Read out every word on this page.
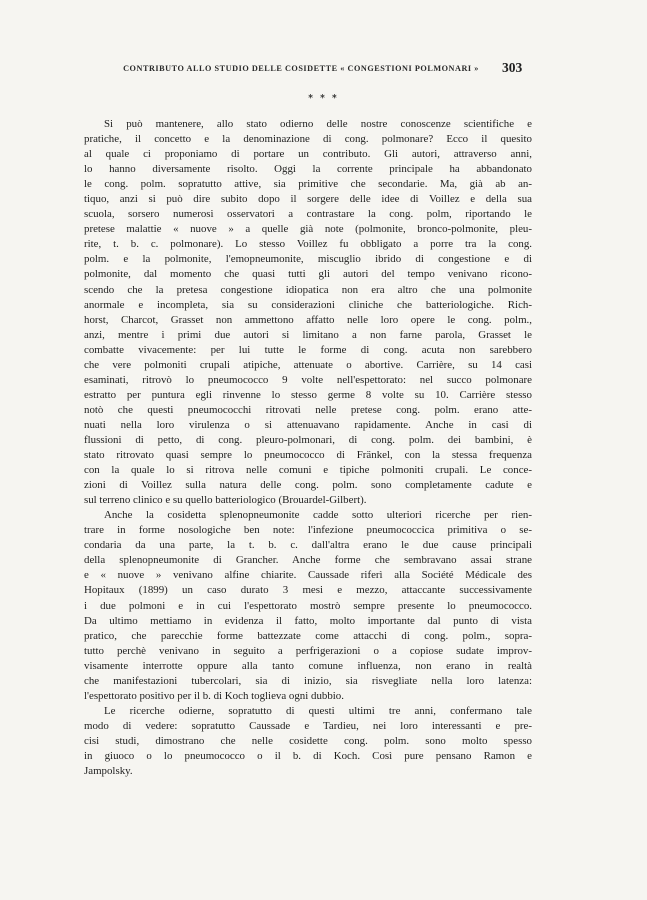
CONTRIBUTO ALLO STUDIO DELLE COSIDETTE « CONGESTIONI POLMONARI »	303
* * *
Si può mantenere, allo stato odierno delle nostre conoscenze scientifiche e
pratiche, il concetto e la denominazione di cong. polmonare? Ecco il quesito
al quale ci proponiamo di portare un contributo. Gli autori, attraverso anni,
lo hanno diversamente risolto. Oggi la corrente principale ha abbandonato
le cong. polm. sopratutto attive, sia primitive che secondarie. Ma, già ab an-
tiquo, anzi si può dire subito dopo il sorgere delle idee di Voillez e della sua
scuola, sorsero numerosi osservatori a contrastare la cong. polm, riportando le
pretese malattie « nuove » a quelle già note (polmonite, bronco-polmonite, pleu-
rite, t. b. c. polmonare). Lo stesso Voillez fu obbligato a porre tra la cong.
polm. e la polmonite, l'emopneumonite, miscuglio ibrido di congestione e di
polmonite, dal momento che quasi tutti gli autori del tempo venivano ricono-
scendo che la pretesa congestione idiopatica non era altro che una polmonite
anormale e incompleta, sia su considerazioni cliniche che batteriologiche. Rich-
horst, Charcot, Grasset non ammettono affatto nelle loro opere le cong. polm.,
anzi, mentre i primi due autori si limitano a non farne parola, Grasset le
combatte vivacemente: per lui tutte le forme di cong. acuta non sarebbero
che vere polmoniti crupali atipiche, attenuate o abortive. Carrière, su 14 casi
esaminati, ritrovò lo pneumococco 9 volte nell'espettorato: nel succo polmonare
estratto per puntura egli rinvenne lo stesso germe 8 volte su 10. Carrière stesso
notò che questi pneumococchi ritrovati nelle pretese cong. polm. erano atte-
nuati nella loro virulenza o si attenuavano rapidamente. Anche in casi di
flussioni di petto, di cong. pleuro-polmonari, di cong. polm. dei bambini, è
stato ritrovato quasi sempre lo pneumococco di Fränkel, con la stessa frequenza
con la quale lo si ritrova nelle comuni e tipiche polmoniti crupali. Le conce-
zioni di Voillez sulla natura delle cong. polm. sono completamente cadute e
sul terreno clinico e su quello batteriologico (Brouardel-Gilbert).
Anche la cosidetta splenopneumonite cadde sotto ulteriori ricerche per rien-
trare in forme nosologiche ben note: l'infezione pneumococcica primitiva o se-
condaria da una parte, la t. b. c. dall'altra erano le due cause principali
della splenopneumonite di Grancher. Anche forme che sembravano assai strane
e « nuove » venivano alfine chiarite. Caussade riferì alla Société Médicale des
Hopitaux (1899) un caso durato 3 mesi e mezzo, attaccante successivamente
i due polmoni e in cui l'espettorato mostrò sempre presente lo pneumococco.
Da ultimo mettiamo in evidenza il fatto, molto importante dal punto di vista
pratico, che parecchie forme battezzate come attacchi di cong. polm., sopra-
tutto perchè venivano in seguito a perfrigerazioni o a copiose sudate improv-
visamente interrotte oppure alla tanto comune influenza, non erano in realtà
che manifestazioni tubercolari, sia di inizio, sia risvegliate nella loro latenza:
l'espettorato positivo per il b. di Koch toglieva ogni dubbio.
Le ricerche odierne, sopratutto di questi ultimi tre anni, confermano tale
modo di vedere: sopratutto Caussade e Tardieu, nei loro interessanti e pre-
cisi studi, dimostrano che nelle cosidette cong. polm. sono molto spesso
in giuoco o lo pneumococco o il b. di Koch. Così pure pensano Ramon e
Jampolsky.
